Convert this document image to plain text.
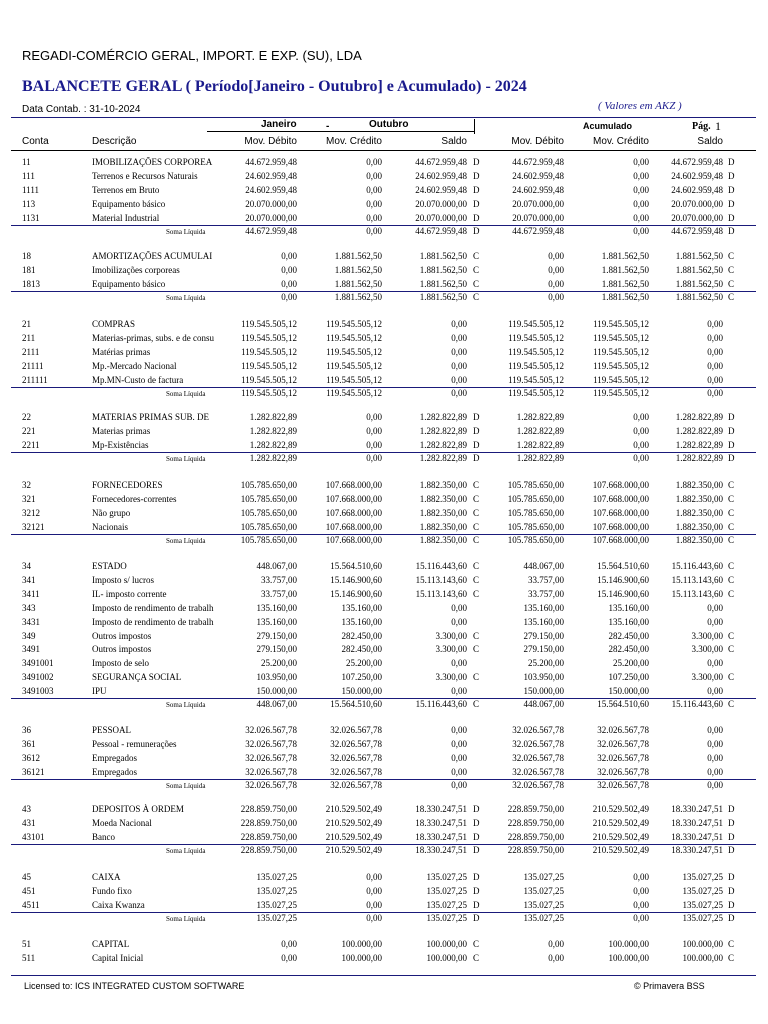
REGADI-COMÉRCIO GERAL, IMPORT. E EXP. (SU), LDA
BALANCETE GERAL ( Período[Janeiro - Outubro] e Acumulado) - 2024
Data Contab. : 31-10-2024	( Valores em AKZ )
Janeiro	-	Outubro	Acumulado	Pág. 1
Conta	Descrição	Mov. Débito	Mov. Crédito	Saldo	Mov. Débito	Mov. Crédito	Saldo
11	IMOBILIZAÇÕES CORPOREA	44.672.959,48	0,00	44.672.959,48 D	44.672.959,48	0,00	44.672.959,48 D
111	Terrenos e Recursos Naturais	24.602.959,48	0,00	24.602.959,48 D	24.602.959,48	0,00	24.602.959,48 D
1111	Terrenos em Bruto	24.602.959,48	0,00	24.602.959,48 D	24.602.959,48	0,00	24.602.959,48 D
113	Equipamento básico	20.070.000,00	0,00	20.070.000,00 D	20.070.000,00	0,00	20.070.000,00 D
1131	Material Industrial	20.070.000,00	0,00	20.070.000,00 D	20.070.000,00	0,00	20.070.000,00 D
Soma Líquida	44.672.959,48	0,00	44.672.959,48 D	44.672.959,48	0,00	44.672.959,48 D
18	AMORTIZAÇÕES ACUMULAI	0,00	1.881.562,50	1.881.562,50 C	0,00	1.881.562,50	1.881.562,50 C
181	Imobilizações corporeas	0,00	1.881.562,50	1.881.562,50 C	0,00	1.881.562,50	1.881.562,50 C
1813	Equipamento básico	0,00	1.881.562,50	1.881.562,50 C	0,00	1.881.562,50	1.881.562,50 C
Soma Líquida	0,00	1.881.562,50	1.881.562,50 C	0,00	1.881.562,50	1.881.562,50 C
21	COMPRAS	119.545.505,12	119.545.505,12	0,00	119.545.505,12	119.545.505,12	0,00
211	Materias-primas, subs. e de consu	119.545.505,12	119.545.505,12	0,00	119.545.505,12	119.545.505,12	0,00
2111	Matérias primas	119.545.505,12	119.545.505,12	0,00	119.545.505,12	119.545.505,12	0,00
21111	Mp.-Mercado Nacional	119.545.505,12	119.545.505,12	0,00	119.545.505,12	119.545.505,12	0,00
211111	Mp.MN-Custo de factura	119.545.505,12	119.545.505,12	0,00	119.545.505,12	119.545.505,12	0,00
Soma Líquida	119.545.505,12	119.545.505,12	0,00	119.545.505,12	119.545.505,12	0,00
22	MATERIAS PRIMAS SUB. DE	1.282.822,89	0,00	1.282.822,89 D	1.282.822,89	0,00	1.282.822,89 D
221	Materias primas	1.282.822,89	0,00	1.282.822,89 D	1.282.822,89	0,00	1.282.822,89 D
2211	Mp-Existências	1.282.822,89	0,00	1.282.822,89 D	1.282.822,89	0,00	1.282.822,89 D
Soma Líquida	1.282.822,89	0,00	1.282.822,89 D	1.282.822,89	0,00	1.282.822,89 D
32	FORNECEDORES	105.785.650,00	107.668.000,00	1.882.350,00 C	105.785.650,00	107.668.000,00	1.882.350,00 C
321	Fornecedores-correntes	105.785.650,00	107.668.000,00	1.882.350,00 C	105.785.650,00	107.668.000,00	1.882.350,00 C
3212	Não grupo	105.785.650,00	107.668.000,00	1.882.350,00 C	105.785.650,00	107.668.000,00	1.882.350,00 C
32121	Nacionais	105.785.650,00	107.668.000,00	1.882.350,00 C	105.785.650,00	107.668.000,00	1.882.350,00 C
Soma Líquida	105.785.650,00	107.668.000,00	1.882.350,00 C	105.785.650,00	107.668.000,00	1.882.350,00 C
34	ESTADO	448.067,00	15.564.510,60	15.116.443,60 C	448.067,00	15.564.510,60	15.116.443,60 C
341	Imposto s/ lucros	33.757,00	15.146.900,60	15.113.143,60 C	33.757,00	15.146.900,60	15.113.143,60 C
3411	IL- imposto corrente	33.757,00	15.146.900,60	15.113.143,60 C	33.757,00	15.146.900,60	15.113.143,60 C
343	Imposto de rendimento de trabalh	135.160,00	135.160,00	0,00	135.160,00	135.160,00	0,00
3431	Imposto de rendimento de trabalh	135.160,00	135.160,00	0,00	135.160,00	135.160,00	0,00
349	Outros impostos	279.150,00	282.450,00	3.300,00 C	279.150,00	282.450,00	3.300,00 C
3491	Outros impostos	279.150,00	282.450,00	3.300,00 C	279.150,00	282.450,00	3.300,00 C
3491001	Imposto de selo	25.200,00	25.200,00	0,00	25.200,00	25.200,00	0,00
3491002	SEGURANÇA SOCIAL	103.950,00	107.250,00	3.300,00 C	103.950,00	107.250,00	3.300,00 C
3491003	IPU	150.000,00	150.000,00	0,00	150.000,00	150.000,00	0,00
Soma Líquida	448.067,00	15.564.510,60	15.116.443,60 C	448.067,00	15.564.510,60	15.116.443,60 C
36	PESSOAL	32.026.567,78	32.026.567,78	0,00	32.026.567,78	32.026.567,78	0,00
361	Pessoal - remunerações	32.026.567,78	32.026.567,78	0,00	32.026.567,78	32.026.567,78	0,00
3612	Empregados	32.026.567,78	32.026.567,78	0,00	32.026.567,78	32.026.567,78	0,00
36121	Empregados	32.026.567,78	32.026.567,78	0,00	32.026.567,78	32.026.567,78	0,00
Soma Líquida	32.026.567,78	32.026.567,78	0,00	32.026.567,78	32.026.567,78	0,00
43	DEPOSITOS À ORDEM	228.859.750,00	210.529.502,49	18.330.247,51 D	228.859.750,00	210.529.502,49	18.330.247,51 D
431	Moeda Nacional	228.859.750,00	210.529.502,49	18.330.247,51 D	228.859.750,00	210.529.502,49	18.330.247,51 D
43101	Banco	228.859.750,00	210.529.502,49	18.330.247,51 D	228.859.750,00	210.529.502,49	18.330.247,51 D
Soma Líquida	228.859.750,00	210.529.502,49	18.330.247,51 D	228.859.750,00	210.529.502,49	18.330.247,51 D
45	CAIXA	135.027,25	0,00	135.027,25 D	135.027,25	0,00	135.027,25 D
451	Fundo fixo	135.027,25	0,00	135.027,25 D	135.027,25	0,00	135.027,25 D
4511	Caixa Kwanza	135.027,25	0,00	135.027,25 D	135.027,25	0,00	135.027,25 D
Soma Líquida	135.027,25	0,00	135.027,25 D	135.027,25	0,00	135.027,25 D
51	CAPITAL	0,00	100.000,00	100.000,00 C	0,00	100.000,00	100.000,00 C
511	Capital Inicial	0,00	100.000,00	100.000,00 C	0,00	100.000,00	100.000,00 C
Licensed to: ICS INTEGRATED CUSTOM SOFTWARE	© Primavera BSS
